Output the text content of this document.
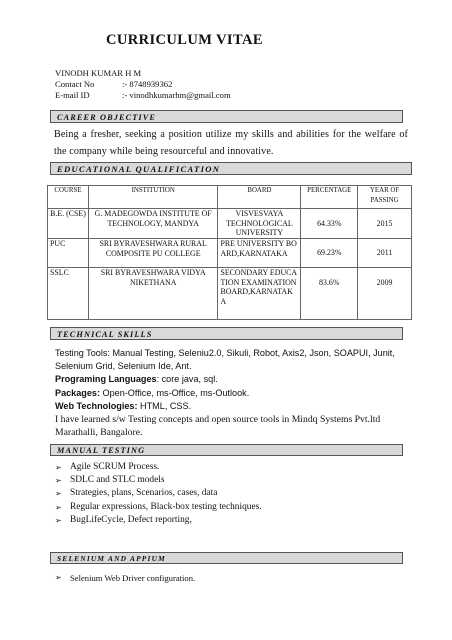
CURRICULUM VITAE
VINODH KUMAR H M
Contact No	:- 8748939362
E-mail ID	:- vinodhkumarhm@gmail.com
CAREER OBJECTIVE
Being a fresher, seeking a position utilize my skills and abilities for the welfare of the company while being resourceful and innovative.
EDUCATIONAL QUALIFICATION
COURSE	INSTITUTION	BOARD	PERCENTAGE	YEAR OF PASSING
B.E. (CSE)	G. MADEGOWDA INSTITUTE OF TECHNOLOGY, MANDYA	VISVESVAYA TECHNOLOGICAL UNIVERSITY	64.33%	2015
PUC	SRI BYRAVESHWARA RURAL COMPOSITE PU COLLEGE	PRE UNIVERSITY BOARD,KARNATAKA	69.23%	2011
SSLC	SRI BYRAVESHWARA VIDYA NIKETHANA	SECONDARY EDUCATION EXAMINATION BOARD,KARNATAKA	83.6%	2009
TECHNICAL SKILLS
Testing Tools: Manual Testing, Seleniu2.0, Sikuli, Robot, Axis2, Json, SOAPUI, Junit, Selenium Grid, Selenium Ide, Ant.
Programing Languages: core java, sql.
Packages: Open-Office, ms-Office, ms-Outlook.
Web Technologies: HTML, CSS.
I have learned s/w Testing concepts and open source tools in Mindq Systems Pvt.ltd Marathalli, Bangalore.
MANUAL TESTING
➢ Agile SCRUM Process.
➢ SDLC and STLC models
➢ Strategies, plans, Scenarios, cases, data
➢ Regular expressions, Black-box testing techniques.
➢ BugLifeCycle, Defect reporting,
SELENIUM AND APPIUM
➢ Selenium Web Driver configuration.
